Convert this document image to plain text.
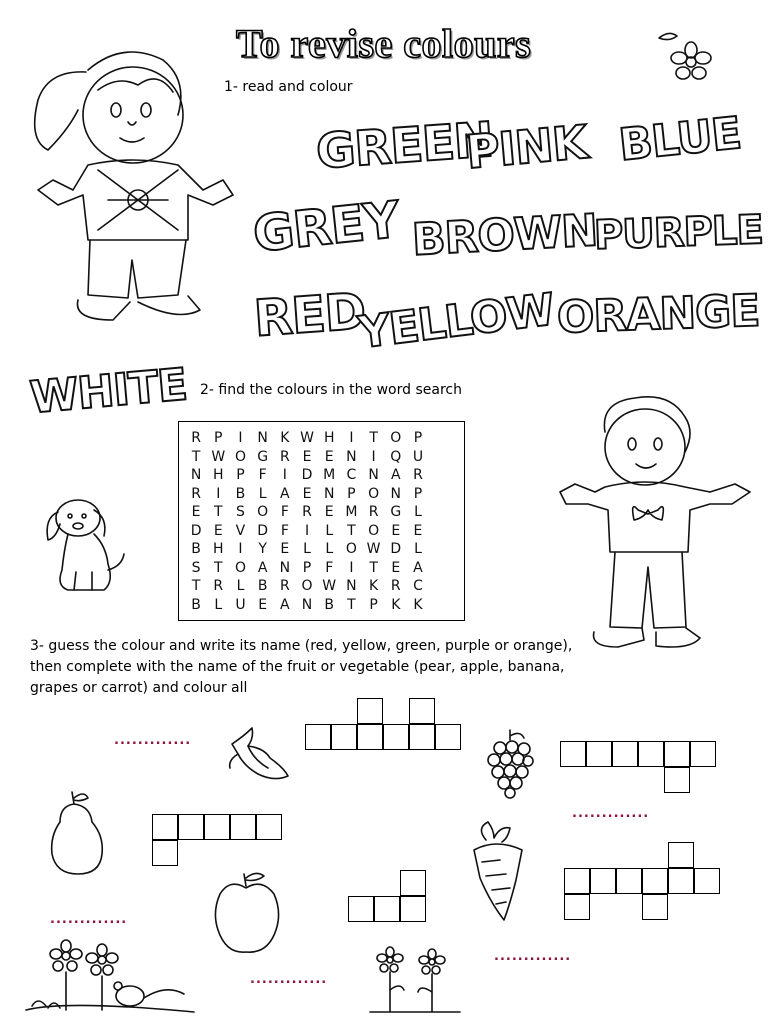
To revise colours
1- read and colour
GREEN
PINK BLUE
GREY BROWN
PURPLE
RED
YELLOW ORANGE
WHITE 2- find the colours in the word search
R P	I	N K W H	I	T O P
T W O G R E E N	I	Q U
N H P F	I	D M C N A R
R	I	B L A E N P O N P
E T S O F R E M R G L
D E V D F	I	L	T O E E
B H	I	Y E L	L O W D L
S T O A N P F	I	T E A
T R L B R O W N K R C
B L U E A N B T P K K
3- guess the colour and write its name (red, yellow, green, purple or orange), then complete with the name of the fruit or vegetable (pear, apple, banana, grapes or carrot) and colour all
.............
.............
.............
.............
.............
